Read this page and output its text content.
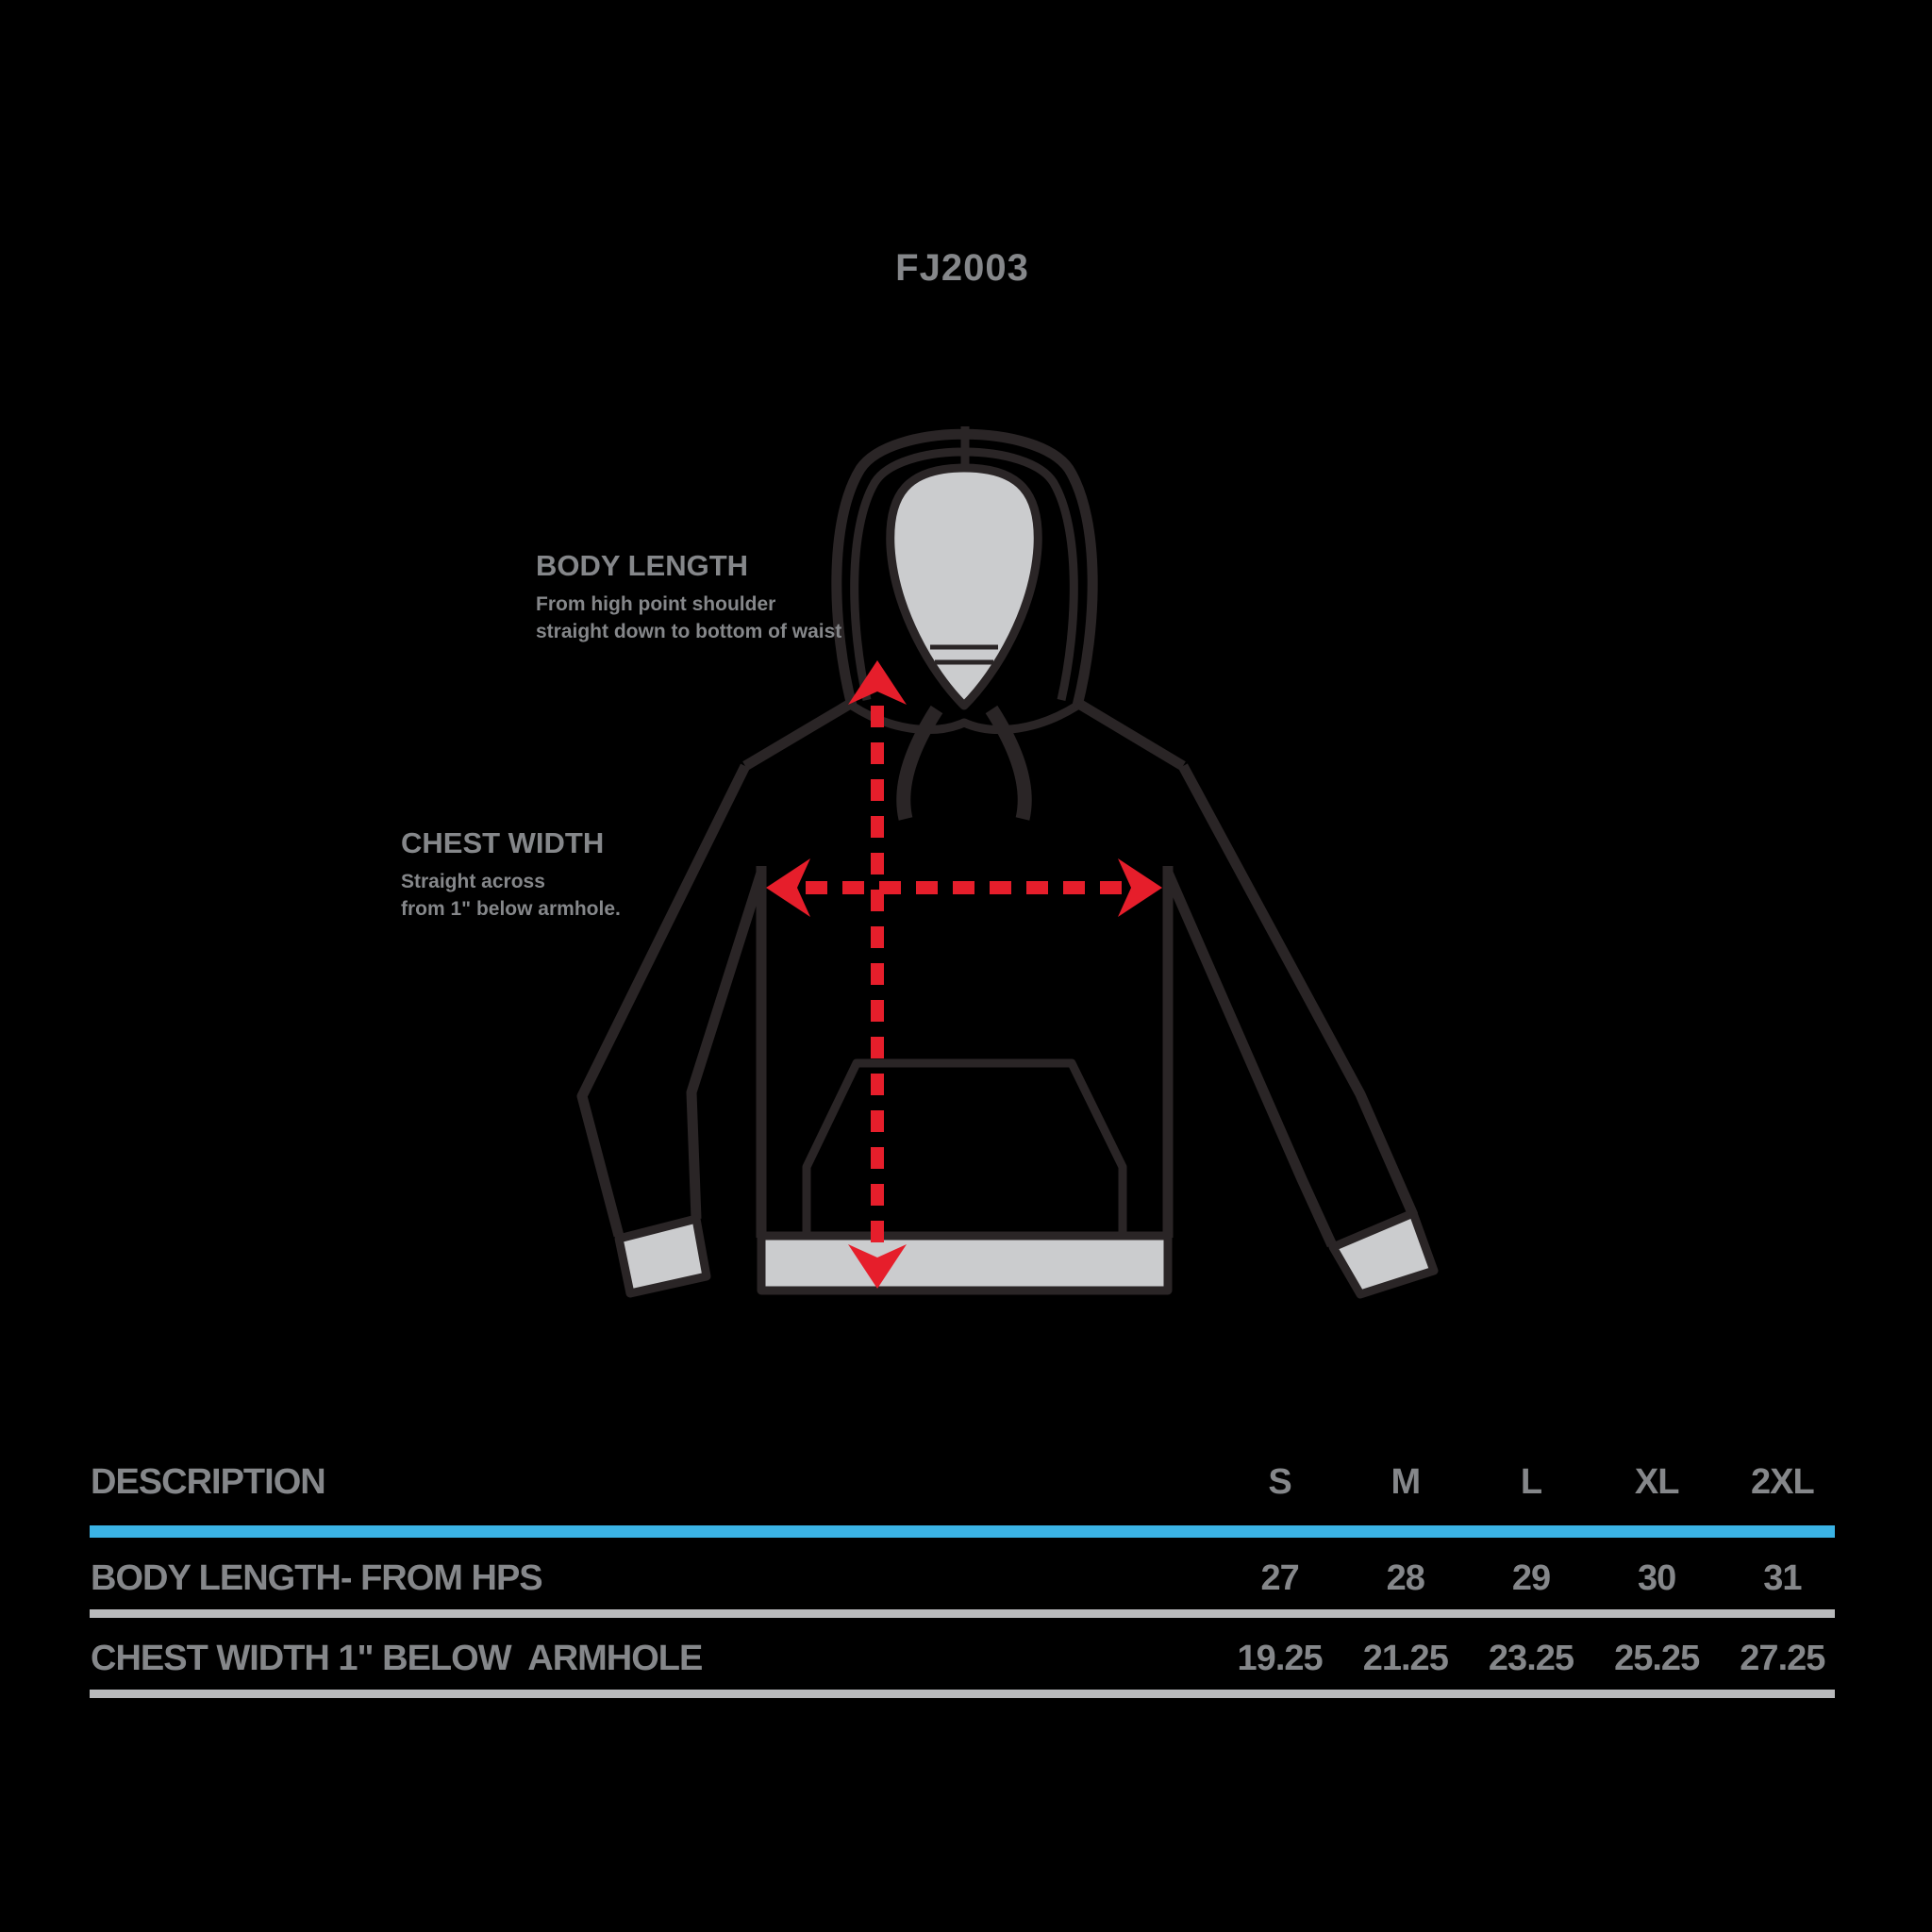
FJ2003
BODY LENGTH
From high point shoulder
straight down to bottom of waist
CHEST WIDTH
Straight across
from 1" below armhole.
DESCRIPTION	S	M	L	XL	2XL
BODY LENGTH- FROM HPS	27	28	29	30	31
CHEST WIDTH 1" BELOW  ARMHOLE	19.25	21.25	23.25	25.25	27.25
